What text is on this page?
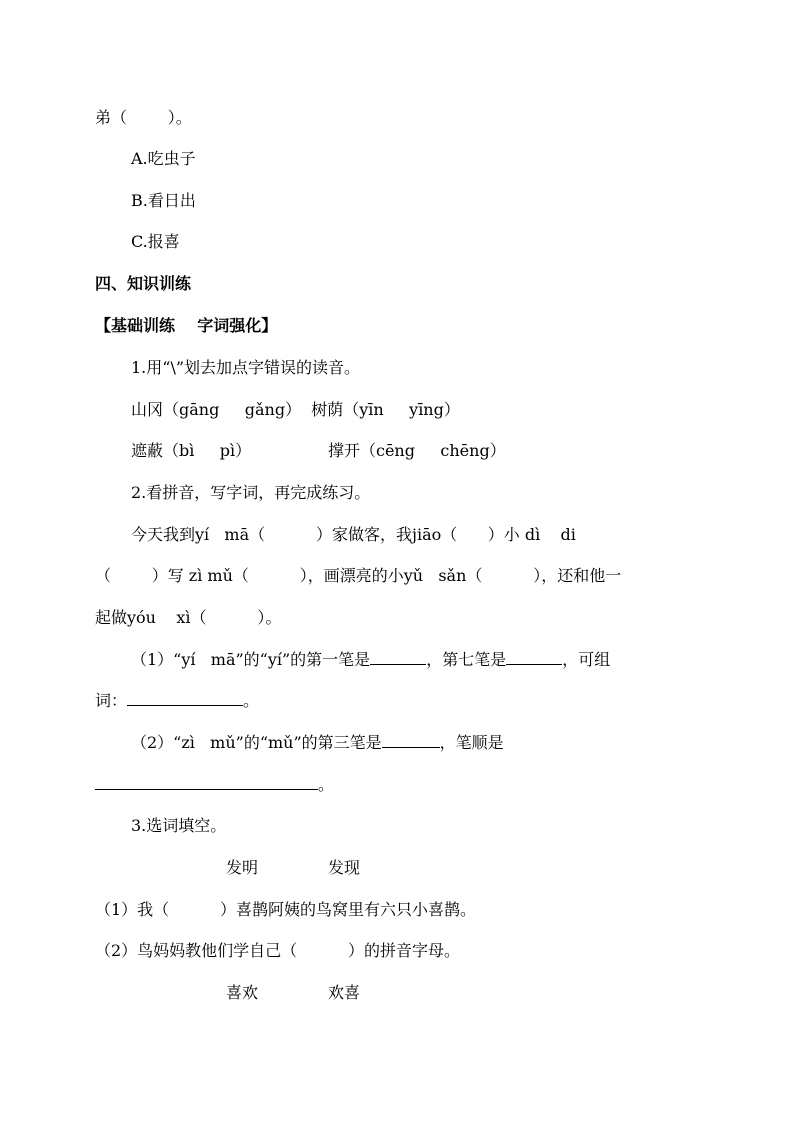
弟（        ）。
A.吃虫子
B.看日出
C.报喜
四、知识训练
【基础训练    字词强化】
1.用“\”划去加点字错误的读音。
山冈（gāng     gǎng）  树荫（yīn     yīng）
遮蔽（bì     pì）	撑开（cēng     chēng）
2.看拼音，写字词，再完成练习。
今天我到yí   mā（          ）家做客，我jiāo（      ）小 dì    di
（        ）写 zì mǔ（          ），画漂亮的小yǔ   sǎn（          ），还和他一
起做yóu    xì（          ）。
（1）“yí   mā”的“yí”的第一笔是	，第七笔是	，可组
词：	。
（2）“zì   mǔ”的“mǔ”的第三笔是	，笔顺是
。
3.选词填空。
发明	发现
（1）我（          ）喜鹊阿姨的鸟窝里有六只小喜鹊。
（2）鸟妈妈教他们学自己（          ）的拼音字母。
喜欢	欢喜
